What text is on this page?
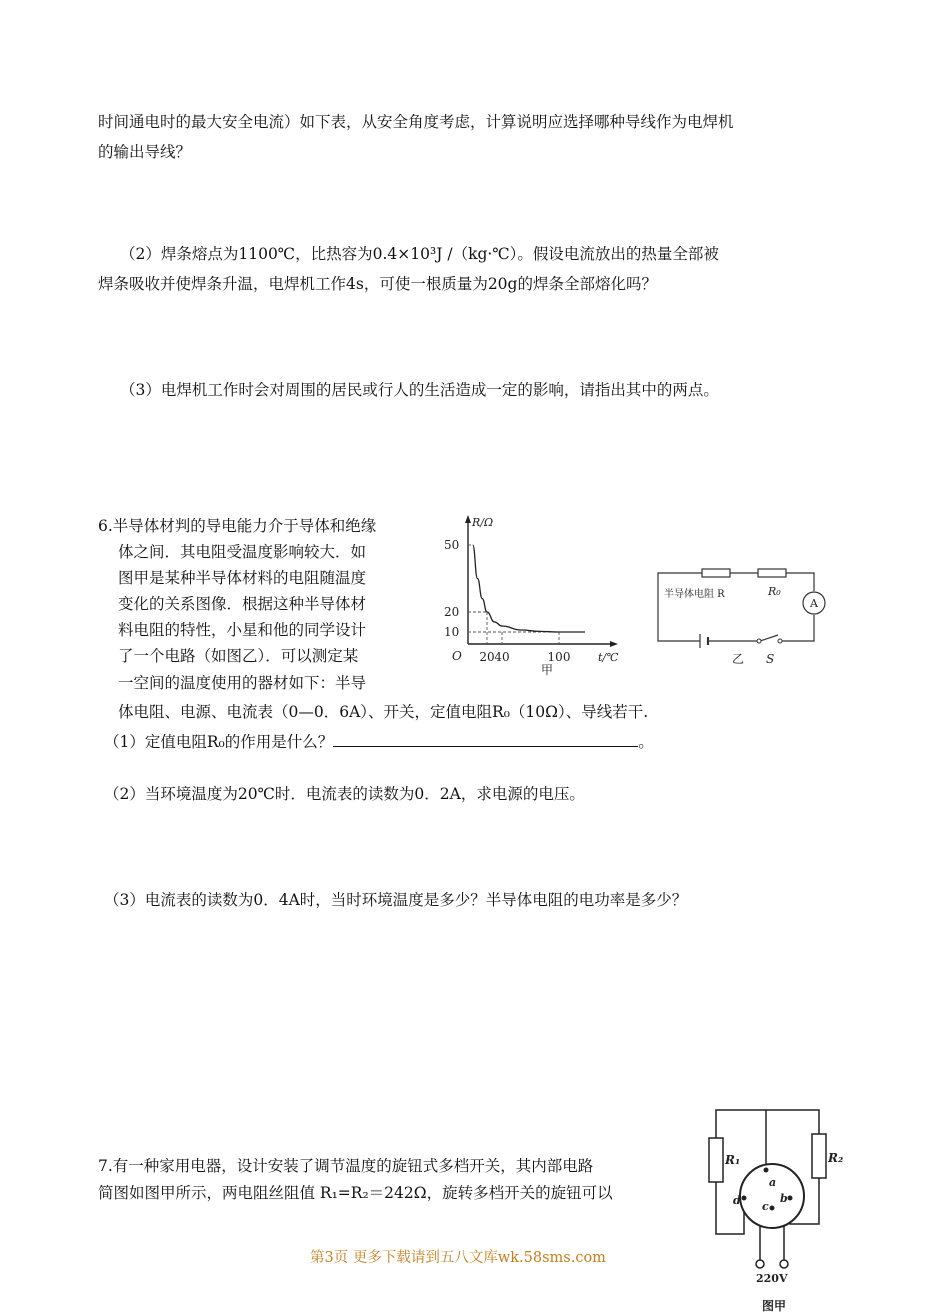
时间通电时的最大安全电流）如下表，从安全角度考虑，计算说明应选择哪种导线作为电焊机
的输出导线？
（2）焊条熔点为1100℃，比热容为0.4×10³J /（kg·℃）。假设电流放出的热量全部被
焊条吸收并使焊条升温，电焊机工作4s，可使一根质量为20g的焊条全部熔化吗？
（3）电焊机工作时会对周围的居民或行人的生活造成一定的影响，请指出其中的两点。
6.半导体材判的导电能力介于导体和绝缘
体之间．其电阻受温度影响较大．如
图甲是某种半导体材料的电阻随温度
变化的关系图像．根据这种半导体材
料电阻的特性，小星和他的同学设计
了一个电路（如图乙）．可以测定某
一空间的温度使用的器材如下：半导
体电阻、电源、电流表（0—0．6A）、开关，定值电阻R₀（10Ω）、导线若干.
（1）定值电阻R₀的作用是什么？	。
（2）当环境温度为20℃时．电流表的读数为0．2A，求电源的电压。
（3）电流表的读数为0．4A时，当时环境温度是多少？半导体电阻的电功率是多少？
R/Ω
t/℃
O
50
20
10
20 40	100
甲
A
半导体电阻 R	R₀
乙 S
7.有一种家用电器，设计安装了调节温度的旋钮式多档开关，其内部电路
简图如图甲所示，两电阻丝阻值 R₁=R₂＝242Ω，旋转多档开关的旋钮可以
R₁	R₂
a
b
c
d
220V
图甲
第3页 更多下载请到五八文库wk.58sms.com
